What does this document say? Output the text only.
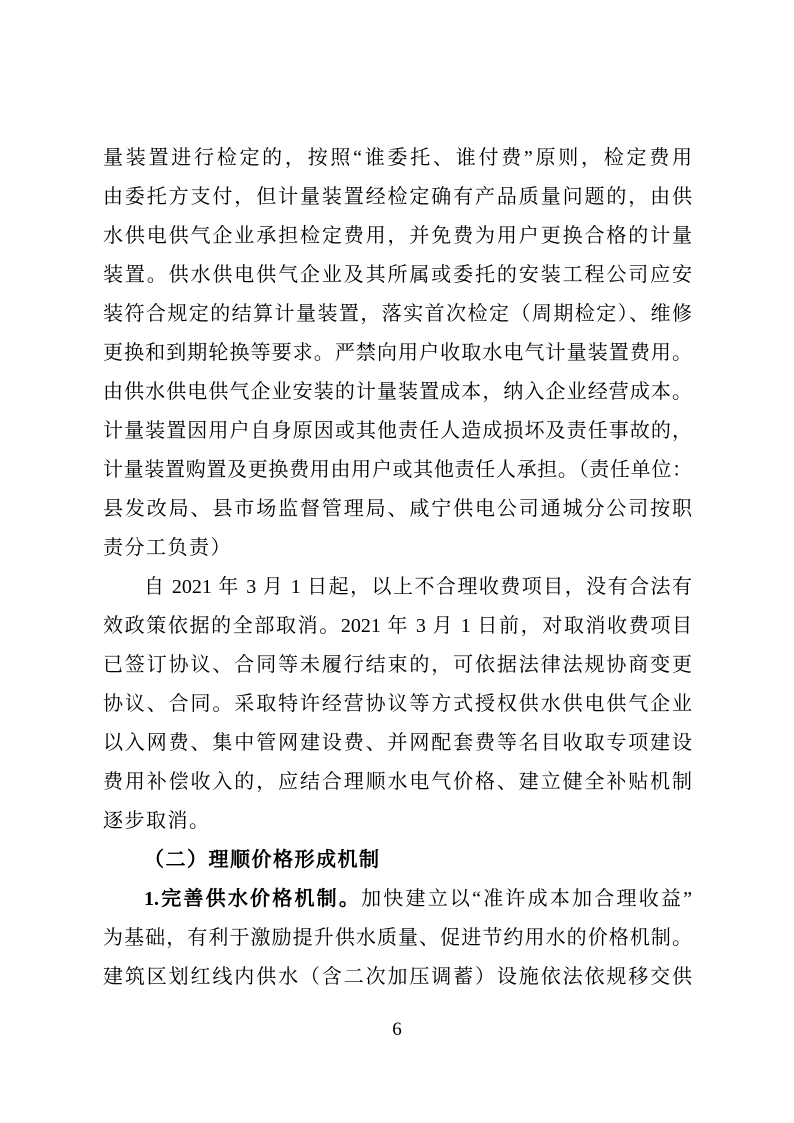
量装置进行检定的，按照“谁委托、谁付费”原则，检定费用
由委托方支付，但计量装置经检定确有产品质量问题的，由供
水供电供气企业承担检定费用，并免费为用户更换合格的计量
装置。供水供电供气企业及其所属或委托的安装工程公司应安
装符合规定的结算计量装置，落实首次检定（周期检定）、维修
更换和到期轮换等要求。严禁向用户收取水电气计量装置费用。
由供水供电供气企业安装的计量装置成本，纳入企业经营成本。
计量装置因用户自身原因或其他责任人造成损坏及责任事故的，
计量装置购置及更换费用由用户或其他责任人承担。（责任单位：
县发改局、县市场监督管理局、咸宁供电公司通城分公司按职
责分工负责）
自 2021 年 3 月 1 日起，以上不合理收费项目，没有合法有
效政策依据的全部取消。2021 年 3 月 1 日前，对取消收费项目
已签订协议、合同等未履行结束的，可依据法律法规协商变更
协议、合同。采取特许经营协议等方式授权供水供电供气企业
以入网费、集中管网建设费、并网配套费等名目收取专项建设
费用补偿收入的，应结合理顺水电气价格、建立健全补贴机制
逐步取消。
（二）理顺价格形成机制
1.完善供水价格机制。加快建立以“准许成本加合理收益”
为基础，有利于激励提升供水质量、促进节约用水的价格机制。
建筑区划红线内供水（含二次加压调蓄）设施依法依规移交供
6
